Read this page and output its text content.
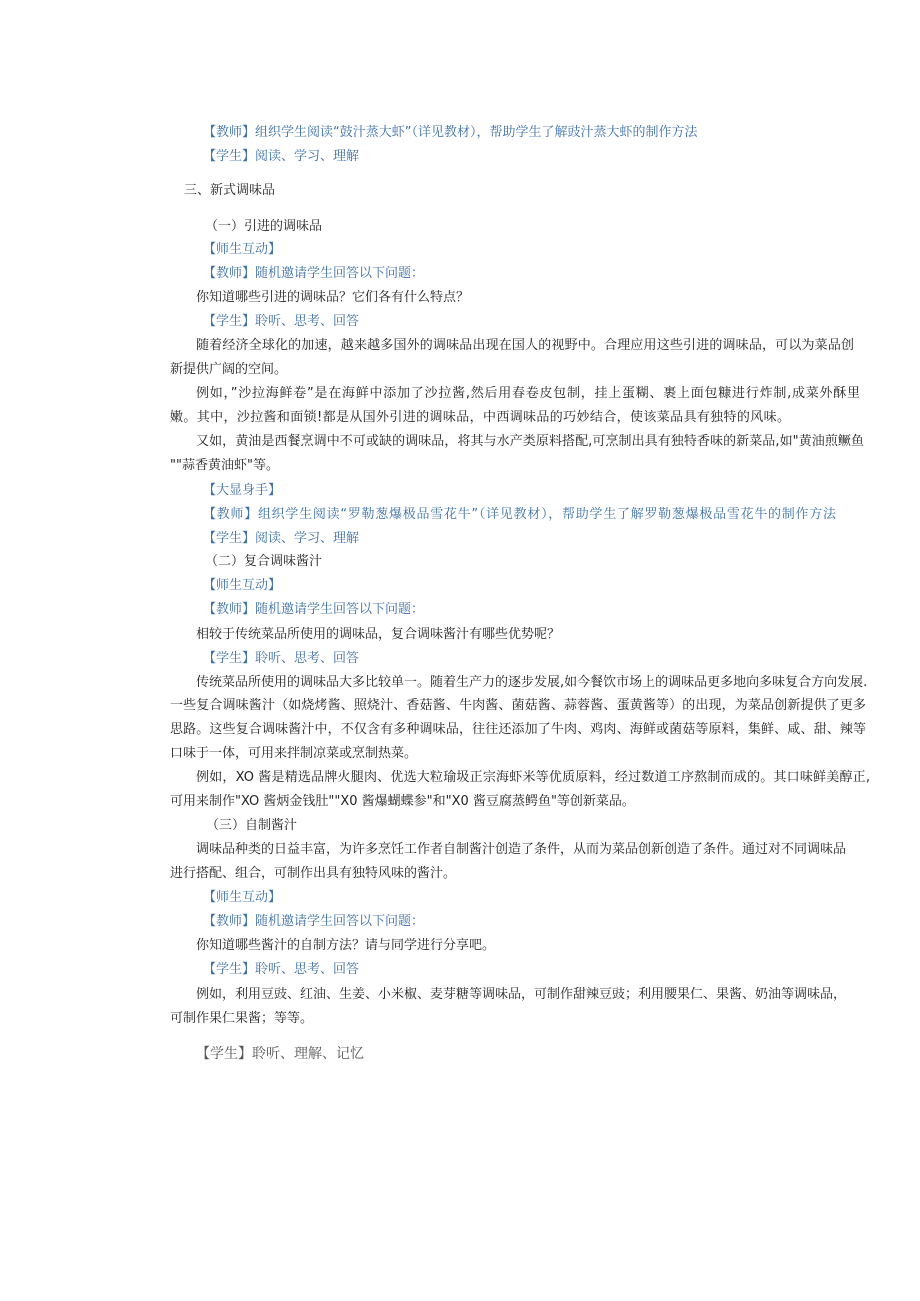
【教师】组织学生阅读“鼓汁蒸大虾”（详见教材），帮助学生了解豉汁蒸大虾的制作方法
【学生】阅读、学习、理解
三、新式调味品
（一）引进的调味品
【师生互动】
【教师】随机邀请学生回答以下问题：
你知道哪些引进的调味品？它们各有什么特点？
【学生】聆听、思考、回答
随着经济全球化的加速，越来越多国外的调味品出现在国人的视野中。合理应用这些引进的调味品，可以为菜品创
新提供广阔的空间。
例如，”沙拉海鲜卷”是在海鲜中添加了沙拉酱,然后用春卷皮包制，挂上蛋糊、裹上面包糠进行炸制,成菜外酥里
嫩。其中，沙拉酱和面锁!都是从国外引进的调味品，中西调味品的巧妙结合，使该菜品具有独特的风味。
又如，黄油是西餐烹调中不可或缺的调味品，将其与水产类原料搭配,可烹制出具有独特香味的新菜品,如"黄油煎鳜鱼
""蒜香黄油虾"等。
【大显身手】
【教师】组织学生阅读“罗勒葱爆极品雪花牛”（详见教材），帮助学生了解罗勒葱爆极品雪花牛的制作方法
【学生】阅读、学习、理解
（二）复合调味酱汁
【师生互动】
【教师】随机邀请学生回答以下问题：
相较于传统菜品所使用的调味品，复合调味酱汁有哪些优势呢？
【学生】聆听、思考、回答
传统菜品所使用的调味品大多比较单一。随着生产力的逐步发展,如今餐饮市场上的调味品更多地向多味复合方向发展.
一些复合调味酱汁（如烧烤酱、照烧汁、香菇酱、牛肉酱、菌菇酱、蒜蓉酱、蛋黄酱等）的出现，为菜品创新提供了更多
思路。这些复合调味酱汁中，不仅含有多种调味品，往往还添加了牛肉、鸡肉、海鲜或菌菇等原料，集鲜、咸、甜、辣等
口味于一体，可用来拌制凉菜或烹制热菜。
例如，XO 酱是精选品牌火腿肉、优选大粒瑜圾正宗海虾米等优质原料，经过数道工序熬制而成的。其口味鲜美醇正,
可用来制作"XO 酱炳金钱肚""X0 酱爆蝴蝶参"和"X0 酱豆腐蒸鳄鱼"等创新菜品。
（三）自制酱汁
调味品种类的日益丰富，为许多烹饪工作者自制酱汁创造了条件，从而为菜品创新创造了条件。通过对不同调味品
进行搭配、组合，可制作出具有独特风味的酱汁。
【师生互动】
【教师】随机邀请学生回答以下问题：
你知道哪些酱汁的自制方法？请与同学进行分享吧。
【学生】聆听、思考、回答
例如，利用豆豉、红油、生姜、小米椒、麦芽糖等调味品，可制作甜辣豆豉；利用腰果仁、果酱、奶油等调味品，
可制作果仁果酱；等等。
【学生】聆听、理解、记忆
